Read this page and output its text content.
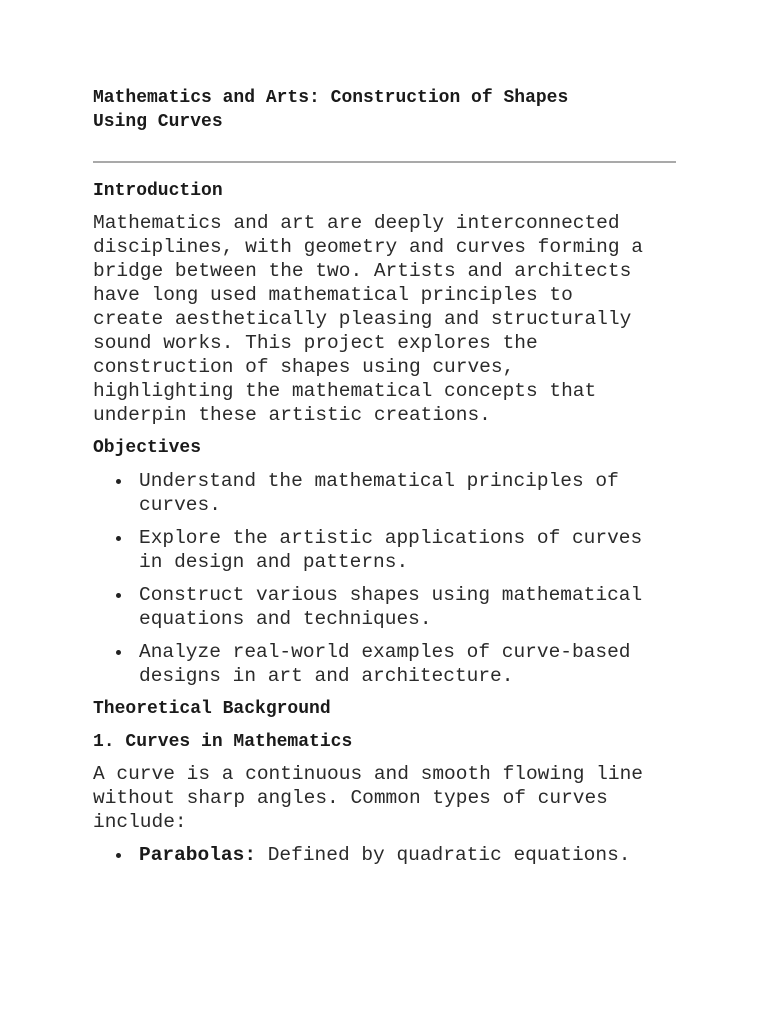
Mathematics and Arts: Construction of Shapes
Using Curves
Introduction

Mathematics and art are deeply interconnected
disciplines, with geometry and curves forming a
bridge between the two. Artists and architects
have long used mathematical principles to
create aesthetically pleasing and structurally
sound works. This project explores the
construction of shapes using curves,
highlighting the mathematical concepts that
underpin these artistic creations.

Objectives
Understand the mathematical principles of
curves.
Explore the artistic applications of curves
in design and patterns.
Construct various shapes using mathematical
equations and techniques.
Analyze real-world examples of curve-based
designs in art and architecture.
Theoretical Background
1. Curves in Mathematics

A curve is a continuous and smooth flowing line
without sharp angles. Common types of curves
include:

Parabolas: Defined by quadratic equations.
